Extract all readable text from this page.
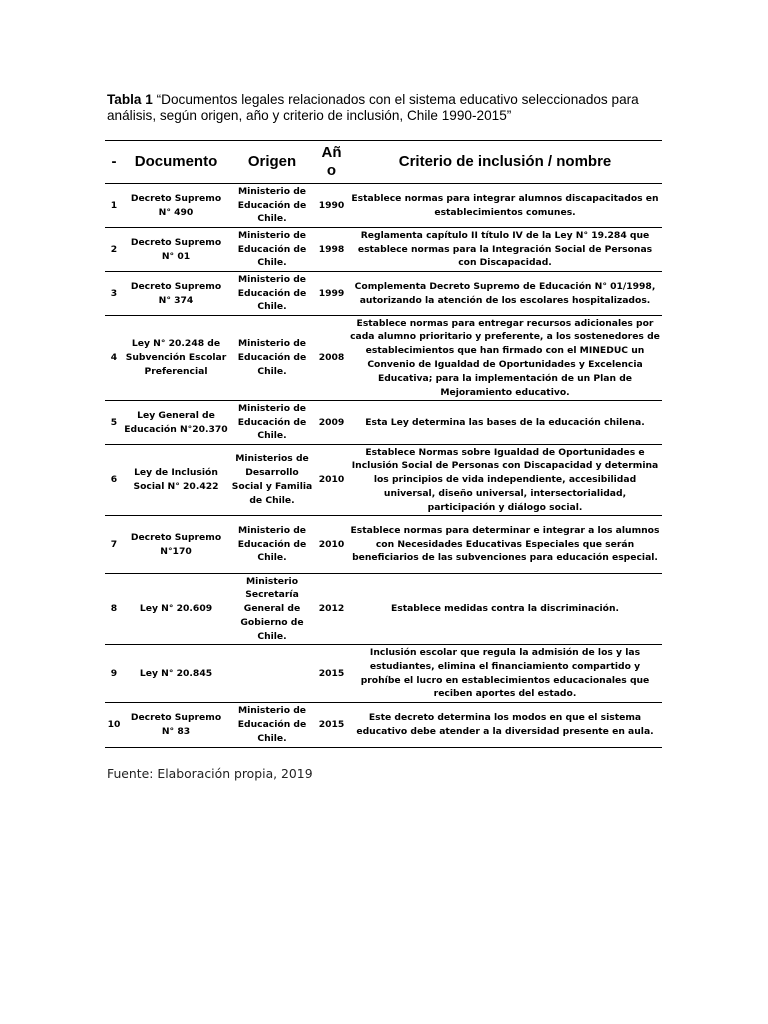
Tabla 1 “Documentos legales relacionados con el sistema educativo seleccionados para análisis, según origen, año y criterio de inclusión, Chile 1990-2015”
-	Documento	Origen	Año	Criterio de inclusión / nombre
1	Decreto Supremo N° 490	Ministerio de Educación de Chile.	1990	Establece normas para integrar alumnos discapacitados en establecimientos comunes.
2	Decreto Supremo N° 01	Ministerio de Educación de Chile.	1998	Reglamenta capítulo II título IV de la Ley N° 19.284 que establece normas para la Integración Social de Personas con Discapacidad.
3	Decreto Supremo N° 374	Ministerio de Educación de Chile.	1999	Complementa Decreto Supremo de Educación N° 01/1998, autorizando la atención de los escolares hospitalizados.
4	Ley N° 20.248 de Subvención Escolar Preferencial	Ministerio de Educación de Chile.	2008	Establece normas para entregar recursos adicionales por cada alumno prioritario y preferente, a los sostenedores de establecimientos que han firmado con el MINEDUC un Convenio de Igualdad de Oportunidades y Excelencia Educativa; para la implementación de un Plan de Mejoramiento educativo.
5	Ley General de Educación N°20.370	Ministerio de Educación de Chile.	2009	Esta Ley determina las bases de la educación chilena.
6	Ley de Inclusión Social N° 20.422	Ministerios de Desarrollo Social y Familia de Chile.	2010	Establece Normas sobre Igualdad de Oportunidades e Inclusión Social de Personas con Discapacidad y determina los principios de vida independiente, accesibilidad universal, diseño universal, intersectorialidad, participación y diálogo social.
7	Decreto Supremo N°170	Ministerio de Educación de Chile.	2010	Establece normas para determinar e integrar a los alumnos con Necesidades Educativas Especiales que serán beneficiarios de las subvenciones para educación especial.
8	Ley N° 20.609	Ministerio Secretaría General de Gobierno de Chile.	2012	Establece medidas contra la discriminación.
9	Ley N° 20.845		2015	Inclusión escolar que regula la admisión de los y las estudiantes, elimina el financiamiento compartido y prohíbe el lucro en establecimientos educacionales que reciben aportes del estado.
10	Decreto Supremo N° 83	Ministerio de Educación de Chile.	2015	Este decreto determina los modos en que el sistema educativo debe atender a la diversidad presente en aula.
Fuente: Elaboración propia, 2019
